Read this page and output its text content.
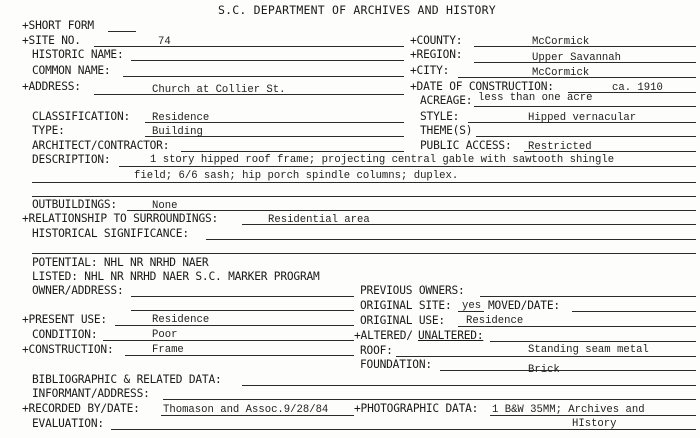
S.C. DEPARTMENT OF ARCHIVES AND HISTORY
+SHORT FORM
+SITE NO.	74	+COUNTY:	McCormick
HISTORIC NAME:	+REGION:	Upper Savannah
COMMON NAME:	+CITY:	McCormick
+ADDRESS:	Church at Collier St.	+DATE OF CONSTRUCTION:	ca. 1910
ACREAGE: less than one acre
CLASSIFICATION: Residence	STYLE:	Hipped vernacular
TYPE:	Building	THEME(S)
ARCHITECT/CONTRACTOR:	PUBLIC ACCESS: Restricted
DESCRIPTION:	1 story hipped roof frame; projecting central gable with sawtooth shingle
field; 6/6 sash; hip porch spindle columns; duplex.
OUTBUILDINGS:	None
+RELATIONSHIP TO SURROUNDINGS:	Residential area
HISTORICAL SIGNIFICANCE:
POTENTIAL: NHL NR NRHD NAER
LISTED: NHL NR NRHD NAER S.C. MARKER PROGRAM
OWNER/ADDRESS:	PREVIOUS OWNERS:
ORIGINAL SITE: yes MOVED/DATE:
+PRESENT USE:	Residence	ORIGINAL USE: Residence
CONDITION:	Poor	+ALTERED/ UNALTERED:
+CONSTRUCTION:	Frame	ROOF:	Standing seam metal
FOUNDATION:	Brick
BIBLIOGRAPHIC & RELATED DATA:
INFORMANT/ADDRESS:
+RECORDED BY/DATE: Thomason and Assoc.9/28/84 +PHOTOGRAPHIC DATA: 1 B&W 35MM; Archives and
EVALUATION:	HIstory
